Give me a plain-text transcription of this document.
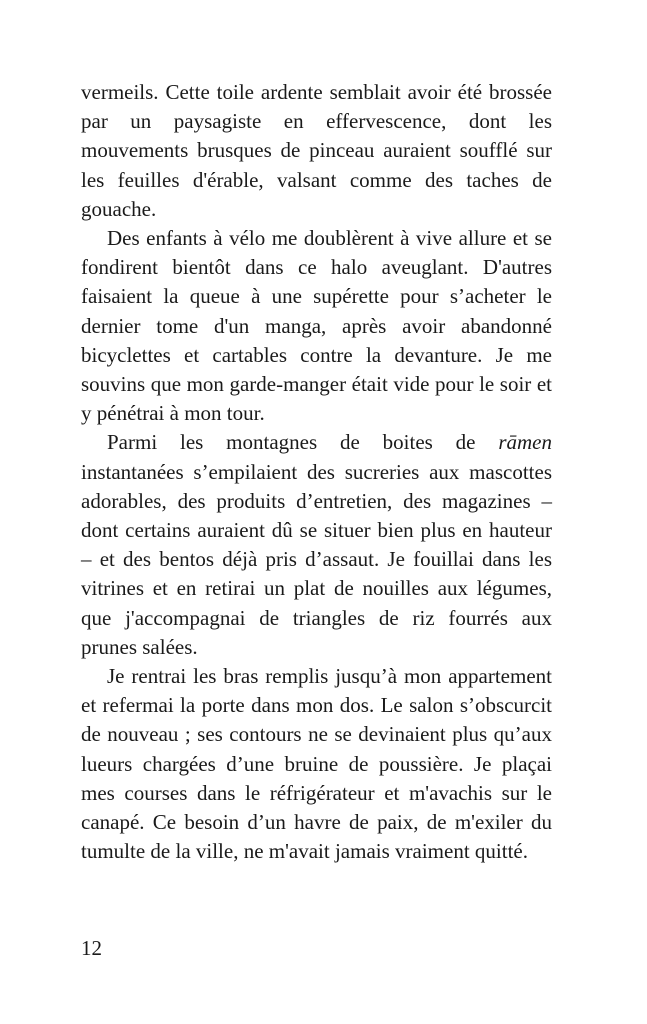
vermeils. Cette toile ardente semblait avoir été brossée par un paysagiste en effervescence, dont les mouvements brusques de pinceau auraient soufflé sur les feuilles d'érable, valsant comme des taches de gouache.

Des enfants à vélo me doublèrent à vive allure et se fondirent bientôt dans ce halo aveuglant. D'autres faisaient la queue à une supérette pour s’acheter le dernier tome d'un manga, après avoir abandonné bicyclettes et cartables contre la devanture. Je me souvins que mon garde-manger était vide pour le soir et y pénétrai à mon tour.

Parmi les montagnes de boites de rāmen instantanées s’empilaient des sucreries aux mascottes adorables, des produits d’entretien, des magazines – dont certains auraient dû se situer bien plus en hauteur – et des bentos déjà pris d’assaut. Je fouillai dans les vitrines et en retirai un plat de nouilles aux légumes, que j'accompagnai de triangles de riz fourrés aux prunes salées.

Je rentrai les bras remplis jusqu’à mon appartement et refermai la porte dans mon dos. Le salon s’obscurcit de nouveau ; ses contours ne se devinaient plus qu’aux lueurs chargées d’une bruine de poussière. Je plaçai mes courses dans le réfrigérateur et m'avachis sur le canapé. Ce besoin d’un havre de paix, de m'exiler du tumulte de la ville, ne m'avait jamais vraiment quitté.

12
